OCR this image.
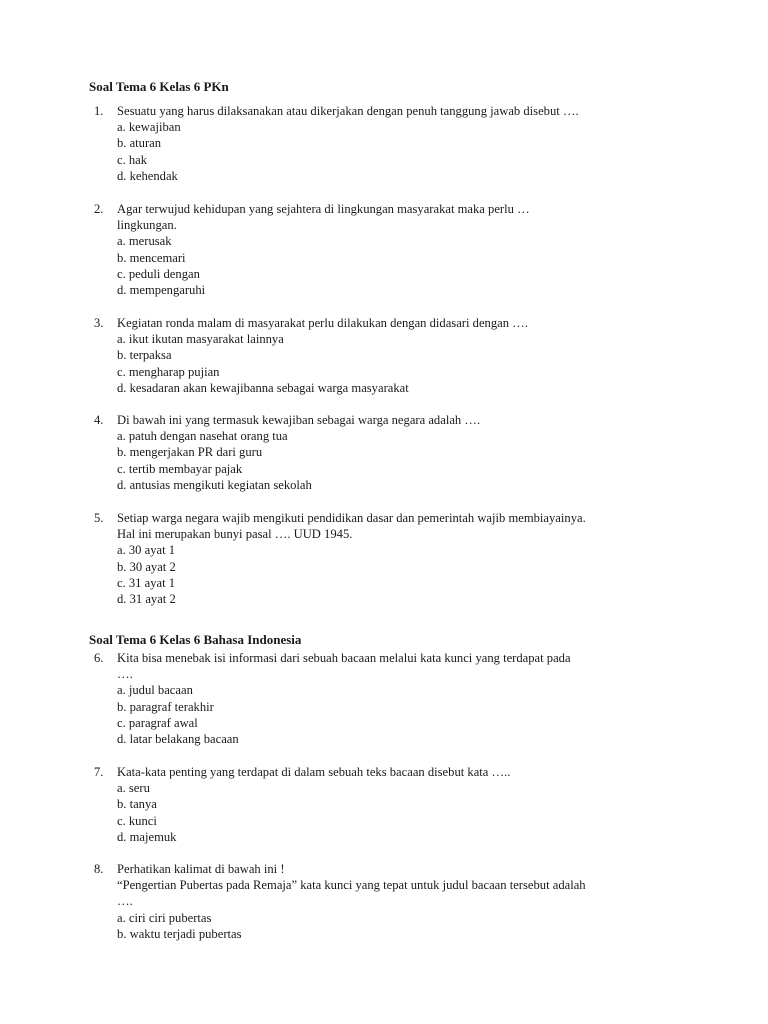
Soal Tema 6 Kelas 6 PKn
1.	Sesuatu yang harus dilaksanakan atau dikerjakan dengan penuh tanggung jawab disebut ….
a. kewajiban
b. aturan
c. hak
d. kehendak
2.	Agar terwujud kehidupan yang sejahtera di lingkungan masyarakat maka perlu …
lingkungan.
a. merusak
b. mencemari
c. peduli dengan
d. mempengaruhi
3.	Kegiatan ronda malam di masyarakat perlu dilakukan dengan didasari dengan ….
a. ikut ikutan masyarakat lainnya
b. terpaksa
c. mengharap pujian
d. kesadaran akan kewajibanna sebagai warga masyarakat
4.	Di bawah ini yang termasuk kewajiban sebagai warga negara adalah ….
a. patuh dengan nasehat orang tua
b. mengerjakan PR dari guru
c. tertib membayar pajak
d. antusias mengikuti kegiatan sekolah
5.	Setiap warga negara wajib mengikuti pendidikan dasar dan pemerintah wajib membiayainya.
Hal ini merupakan bunyi pasal …. UUD 1945.
a. 30 ayat 1
b. 30 ayat 2
c. 31 ayat 1
d. 31 ayat 2
Soal Tema 6 Kelas 6 Bahasa Indonesia
6.	Kita bisa menebak isi informasi dari sebuah bacaan melalui kata kunci yang terdapat pada
….
a. judul bacaan
b. paragraf terakhir
c. paragraf awal
d. latar belakang bacaan
7.	Kata-kata penting yang terdapat di dalam sebuah teks bacaan disebut kata …..
a. seru
b. tanya
c. kunci
d. majemuk
8.	Perhatikan kalimat di bawah ini !
“Pengertian Pubertas pada Remaja” kata kunci yang tepat untuk judul bacaan tersebut adalah
….
a. ciri ciri pubertas
b. waktu terjadi pubertas
